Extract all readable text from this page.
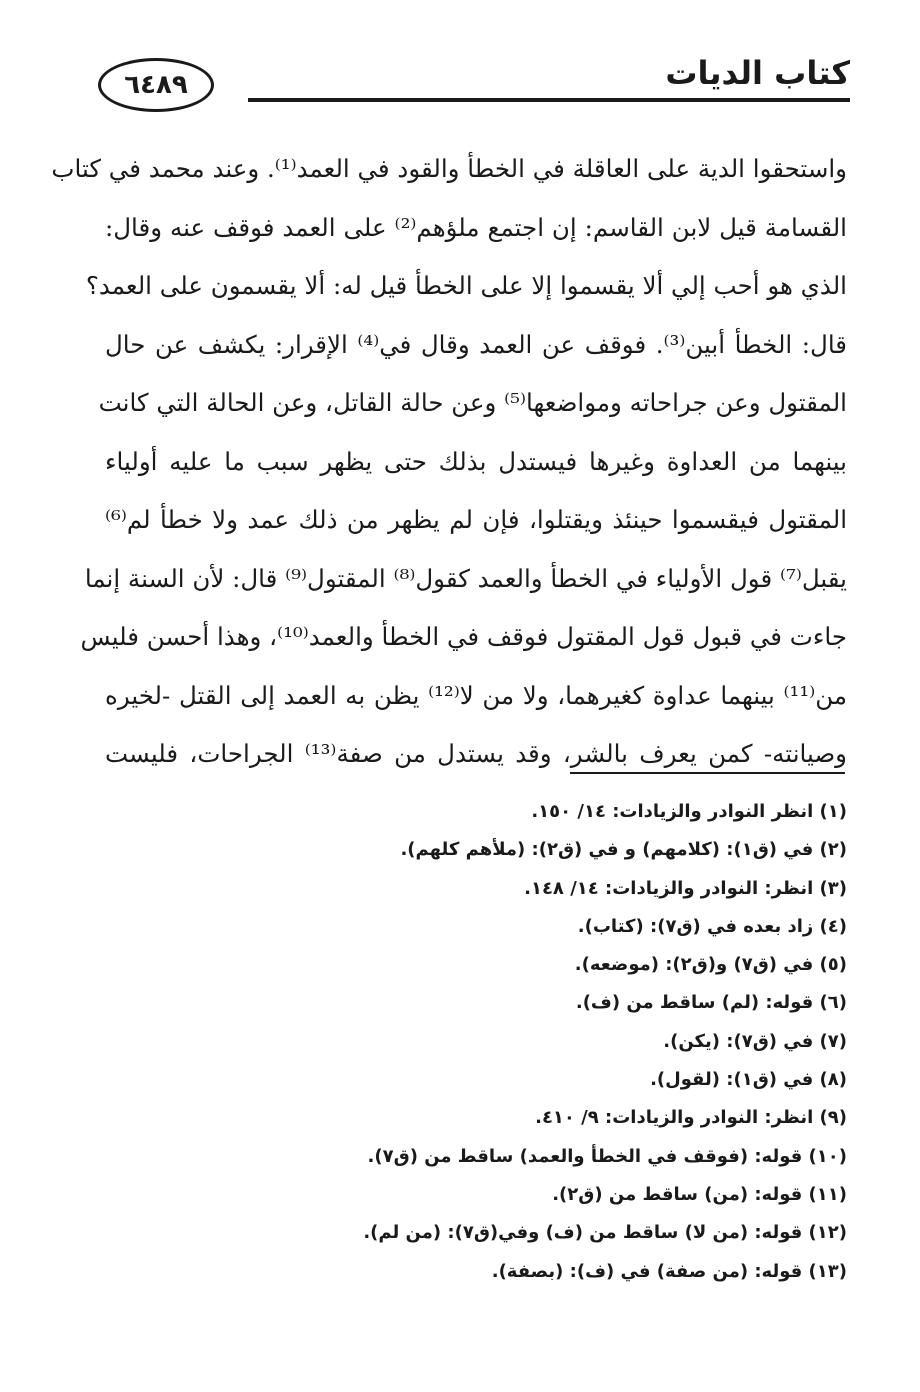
٦٤٨٩	كتاب الديات
واستحقوا الدية على العاقلة في الخطأ والقود في العمد⁽¹⁾. وعند محمد في كتاب
القسامة قيل لابن القاسم: إن اجتمع ملؤهم⁽²⁾ على العمد فوقف عنه وقال:
الذي هو أحب إلي ألا يقسموا إلا على الخطأ قيل له: ألا يقسمون على العمد؟
قال: الخطأ أبين⁽³⁾. فوقف عن العمد وقال في⁽⁴⁾ الإقرار: يكشف عن حال
المقتول وعن جراحاته ومواضعها⁽⁵⁾ وعن حالة القاتل، وعن الحالة التي كانت
بينهما من العداوة وغيرها فيستدل بذلك حتى يظهر سبب ما عليه أولياء
المقتول فيقسموا حينئذ ويقتلوا، فإن لم يظهر من ذلك عمد ولا خطأ لم⁽⁶⁾
يقبل⁽⁷⁾ قول الأولياء في الخطأ والعمد كقول⁽⁸⁾ المقتول⁽⁹⁾ قال: لأن السنة إنما
جاءت في قبول قول المقتول فوقف في الخطأ والعمد⁽¹⁰⁾، وهذا أحسن فليس
من⁽¹¹⁾ بينهما عداوة كغيرهما، ولا من لا⁽¹²⁾ يظن به العمد إلى القتل -لخيره
وصيانته- كمن يعرف بالشر، وقد يستدل من صفة⁽¹³⁾ الجراحات، فليست
(١) انظر النوادر والزيادات: ١٤/ ١٥٠.
(٢) في (ق١): (كلامهم) و في (ق٢): (ملأهم كلهم).
(٣) انظر: النوادر والزيادات: ١٤/ ١٤٨.
(٤) زاد بعده في (ق٧): (كتاب).
(٥) في (ق٧) و(ق٢): (موضعه).
(٦) قوله: (لم) ساقط من (ف).
(٧) في (ق٧): (يكن).
(٨) في (ق١): (لقول).
(٩) انظر: النوادر والزيادات: ٩/ ٤١٠.
(١٠) قوله: (فوقف في الخطأ والعمد) ساقط من (ق٧).
(١١) قوله: (من) ساقط من (ق٢).
(١٢) قوله: (من لا) ساقط من (ف) وفي(ق٧): (من لم).
(١٣) قوله: (من صفة) في (ف): (بصفة).
